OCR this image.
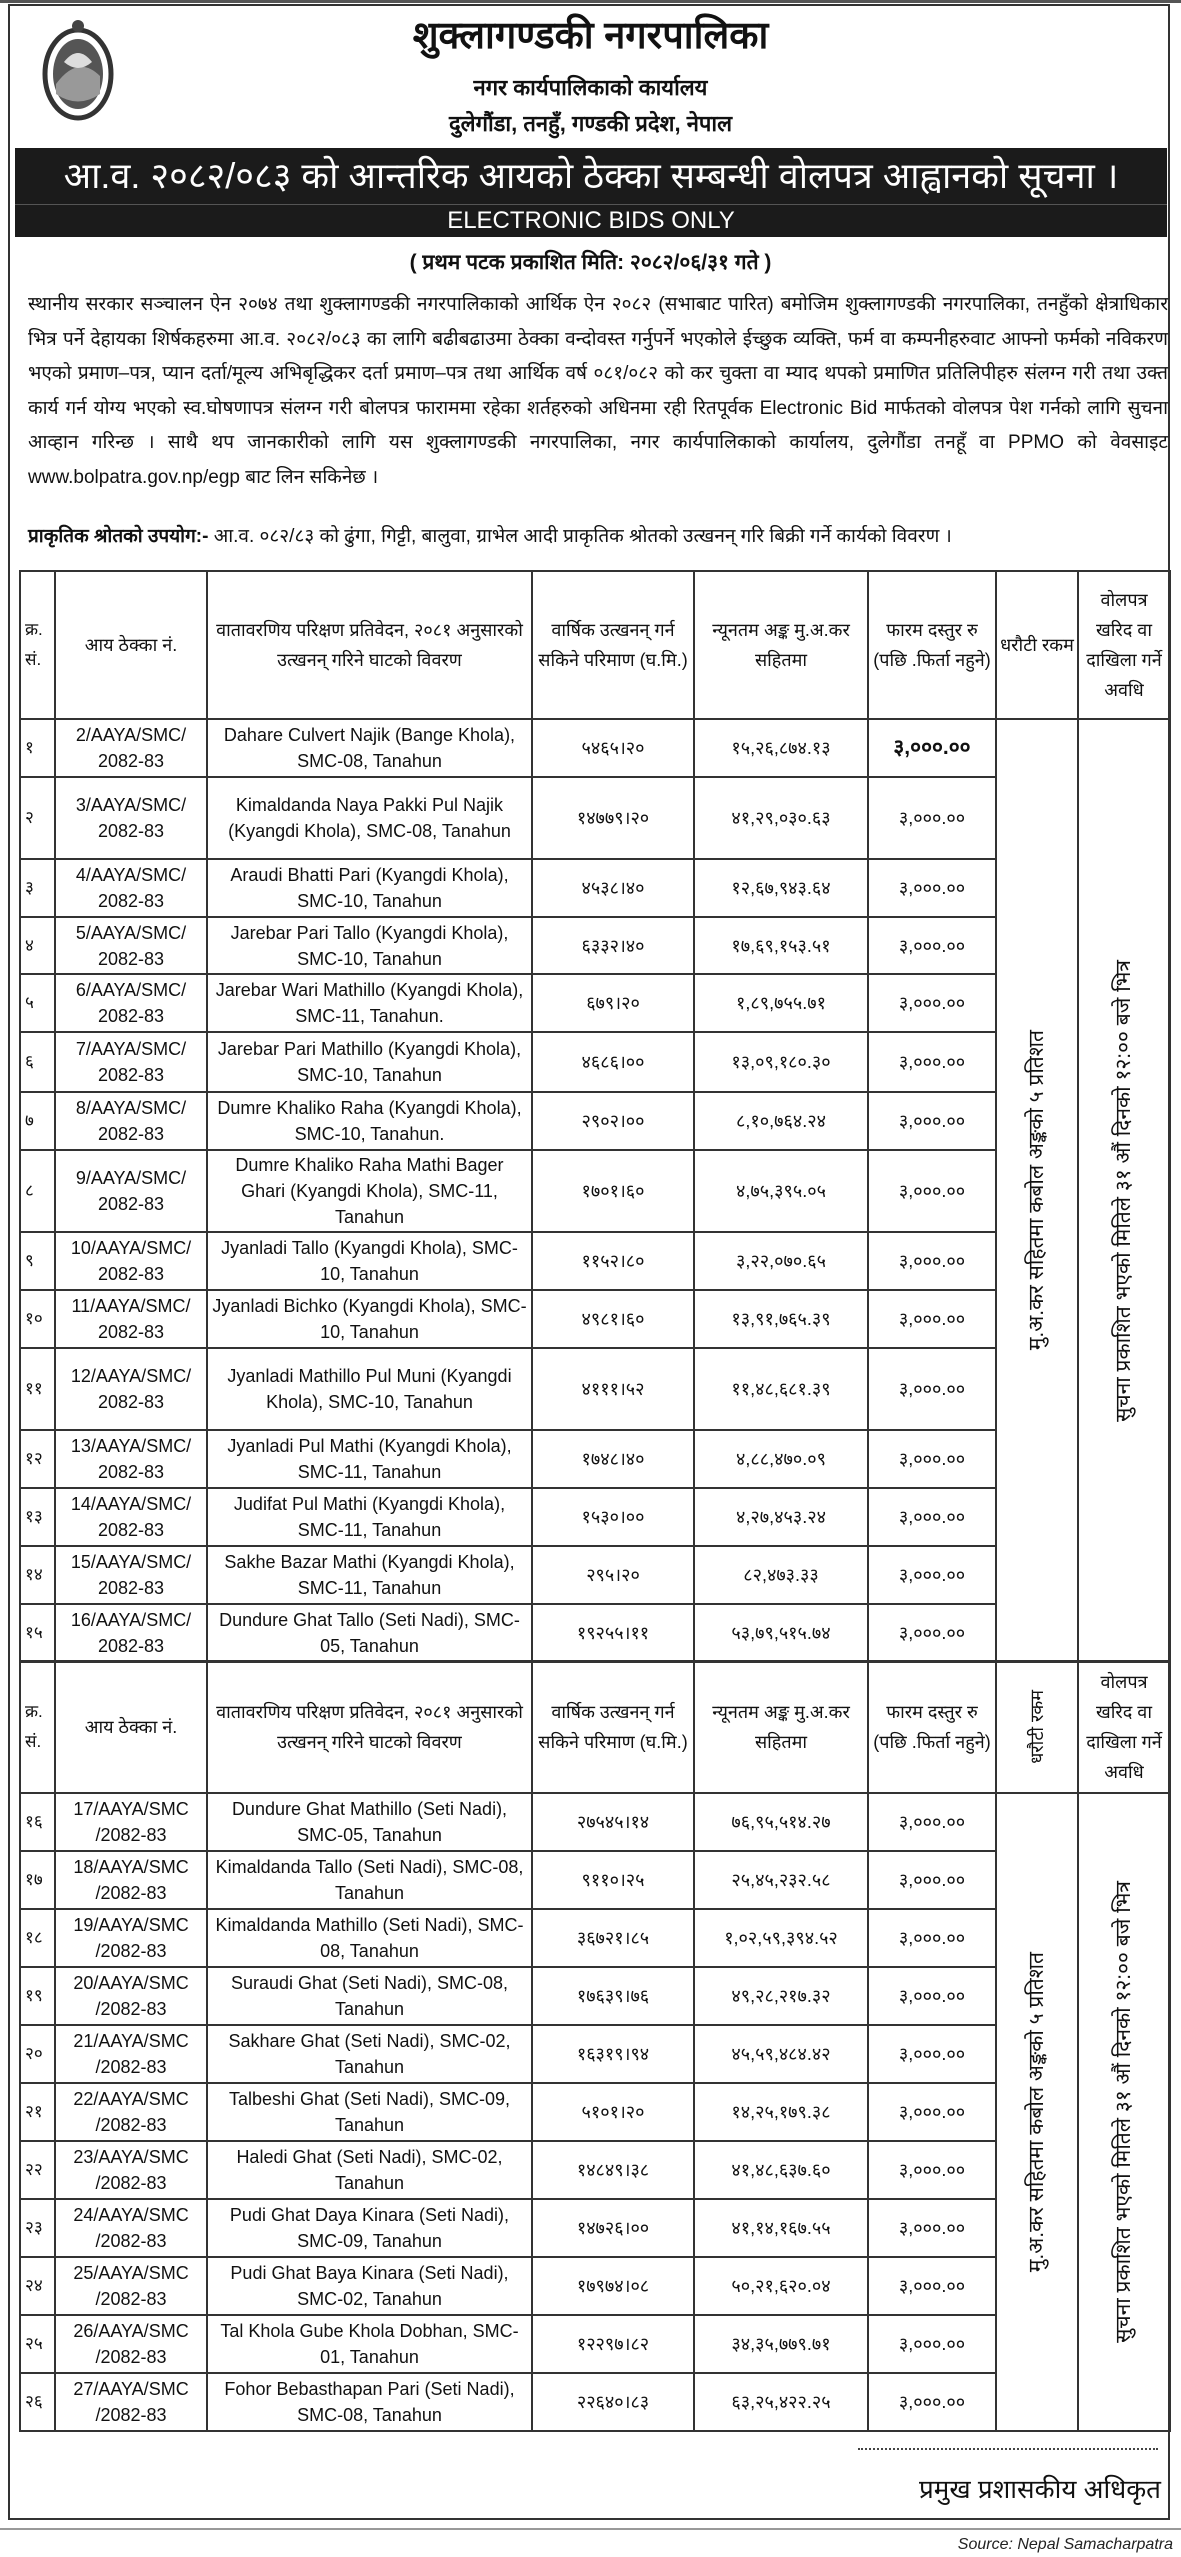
शुक्लागण्डकी नगरपालिका
नगर कार्यपालिकाको कार्यालय
दुलेगौंडा, तनहुँ, गण्डकी प्रदेश, नेपाल
आ.व. २०८२/०८३ को आन्तरिक आयको ठेक्का सम्बन्धी वोलपत्र आह्वानको सूचना ।
ELECTRONIC BIDS ONLY
( प्रथम पटक प्रकाशित मिति: २०८२/०६/३१ गते )
स्थानीय सरकार सञ्चालन ऐन २०७४ तथा शुक्लागण्डकी नगरपालिकाको आर्थिक ऐन २०८२ (सभाबाट पारित) बमोजिम शुक्लागण्डकी नगरपालिका, तनहुँको क्षेत्राधिकार भित्र पर्ने देहायका शिर्षकहरुमा आ.व. २०८२/०८३ का लागि बढीबढाउमा ठेक्का वन्दोवस्त गर्नुपर्ने भएकोले ईच्छुक व्यक्ति, फर्म वा कम्पनीहरुवाट आफ्नो फर्मको नविकरण भएको प्रमाण–पत्र, प्यान दर्ता/मूल्य अभिबृद्धिकर दर्ता प्रमाण–पत्र तथा आर्थिक वर्ष ०८१/०८२ को कर चुक्ता वा म्याद थपको प्रमाणित प्रतिलिपीहरु संलग्न गरी तथा उक्त कार्य गर्न योग्य भएको स्व.घोषणापत्र संलग्न गरी बोलपत्र फाराममा रहेका शर्तहरुको अधिनमा रही रितपूर्वक Electronic Bid मार्फतको वोलपत्र पेश गर्नको लागि सुचना आव्हान गरिन्छ । साथै थप जानकारीको लागि यस शुक्लागण्डकी नगरपालिका, नगर कार्यपालिकाको कार्यालय, दुलेगौंडा तनहूँ वा PPMO को वेवसाइट www.bolpatra.gov.np/egp बाट लिन सकिनेछ ।
प्राकृतिक श्रोतको उपयोग:- आ.व. ०८२/८३ को ढुंगा, गिट्टी, बालुवा, ग्राभेल आदी प्राकृतिक श्रोतको उत्खनन् गरि बिक्री गर्ने कार्यको विवरण ।
क्र. सं.	आय ठेक्का नं.	वातावरणिय परिक्षण प्रतिवेदन, २०८१ अनुसारको उत्खनन् गरिने घाटको विवरण	वार्षिक उत्खनन् गर्न सकिने परिमाण (घ.मि.)	न्यूनतम अङ्क मु.अ.कर सहितमा	फारम दस्तुर रु (पछि .फिर्ता नहुने)	धरौटी रकम	वोलपत्र खरिद वा दाखिला गर्ने अवधि
१	2/AAYA/SMC/ 2082-83	Dahare Culvert Najik (Bange Khola), SMC-08, Tanahun	५४६५।२०	१५,२६,८७४.१३	३,०००.००	मु.अ.कर सहितमा कबोल अङ्कको ५ प्रतिशत	सुचना प्रकाशित भएको मितिले ३१ औं दिनको १२:०० बजे भित्र

२	3/AAYA/SMC/ 2082-83	Kimaldanda Naya Pakki Pul Najik (Kyangdi Khola), SMC-08, Tanahun	१४७७९।२०	४१,२९,०३०.६३	३,०००.००		
३	4/AAYA/SMC/ 2082-83	Araudi Bhatti Pari (Kyangdi Khola), SMC-10, Tanahun	४५३८।४०	१२,६७,९४३.६४	३,०००.००		
४	5/AAYA/SMC/ 2082-83	Jarebar Pari Tallo (Kyangdi Khola), SMC-10, Tanahun	६३३२।४०	१७,६९,१५३.५१	३,०००.००		
५	6/AAYA/SMC/ 2082-83	Jarebar Wari Mathillo (Kyangdi Khola), SMC-11, Tanahun.	६७९।२०	१,८९,७५५.७१	३,०००.००		
६	7/AAYA/SMC/ 2082-83	Jarebar Pari Mathillo (Kyangdi Khola), SMC-10, Tanahun	४६८६।००	१३,०९,१८०.३०	३,०००.००		
७	8/AAYA/SMC/ 2082-83	Dumre Khaliko Raha (Kyangdi Khola), SMC-10, Tanahun.	२९०२।००	८,१०,७६४.२४	३,०००.००		
८	9/AAYA/SMC/ 2082-83	Dumre Khaliko Raha Mathi Bager Ghari (Kyangdi Khola), SMC-11, Tanahun	१७०१।६०	४,७५,३९५.०५	३,०००.००		
९	10/AAYA/SMC/ 2082-83	Jyanladi Tallo (Kyangdi Khola), SMC-10, Tanahun	११५२।८०	३,२२,०७०.६५	३,०००.००		
१०	11/AAYA/SMC/ 2082-83	Jyanladi Bichko (Kyangdi Khola), SMC-10, Tanahun	४९८१।६०	१३,९१,७६५.३९	३,०००.००		
११	12/AAYA/SMC/ 2082-83	Jyanladi Mathillo Pul Muni (Kyangdi Khola), SMC-10, Tanahun	४१११।५२	११,४८,६८१.३९	३,०००.००		
१२	13/AAYA/SMC/ 2082-83	Jyanladi Pul Mathi (Kyangdi Khola), SMC-11, Tanahun	१७४८।४०	४,८८,४७०.०९	३,०००.००		
१३	14/AAYA/SMC/ 2082-83	Judifat Pul Mathi (Kyangdi Khola), SMC-11, Tanahun	१५३०।००	४,२७,४५३.२४	३,०००.००		
१४	15/AAYA/SMC/ 2082-83	Sakhe Bazar Mathi (Kyangdi Khola), SMC-11, Tanahun	२९५।२०	८२,४७३.३३	३,०००.००		
१५	16/AAYA/SMC/ 2082-83	Dundure Ghat Tallo (Seti Nadi), SMC-05, Tanahun	१९२५५।११	५३,७९,५१५.७४	३,०००.००		
क्र. सं.	आय ठेक्का नं.	वातावरणिय परिक्षण प्रतिवेदन, २०८१ अनुसारको उत्खनन् गरिने घाटको विवरण	वार्षिक उत्खनन् गर्न सकिने परिमाण (घ.मि.)	न्यूनतम अङ्क मु.अ.कर सहितमा	फारम दस्तुर रु (पछि .फिर्ता नहुने)	धरौटी रकम	वोलपत्र खरिद वा दाखिला गर्ने अवधि
१६	17/AAYA/SMC /2082-83	Dundure Ghat Mathillo (Seti Nadi), SMC-05, Tanahun	२७५४५।१४	७६,९५,५१४.२७	३,०००.००	मु.अ.कर सहितमा कबोल अङ्कको ५ प्रतिशत	सुचना प्रकाशित भएको मितिले ३१ औं दिनको १२:०० बजे भित्र

१७	18/AAYA/SMC /2082-83	Kimaldanda Tallo (Seti Nadi), SMC-08, Tanahun	९११०।२५	२५,४५,२३२.५८	३,०००.००		
१८	19/AAYA/SMC /2082-83	Kimaldanda Mathillo (Seti Nadi), SMC-08, Tanahun	३६७२१।८५	१,०२,५९,३९४.५२	३,०००.००		
१९	20/AAYA/SMC /2082-83	Suraudi Ghat (Seti Nadi), SMC-08, Tanahun	१७६३९।७६	४९,२८,२१७.३२	३,०००.००		
२०	21/AAYA/SMC /2082-83	Sakhare Ghat (Seti Nadi), SMC-02, Tanahun	१६३१९।९४	४५,५९,४८४.४२	३,०००.००		
२१	22/AAYA/SMC /2082-83	Talbeshi Ghat (Seti Nadi), SMC-09, Tanahun	५१०१।२०	१४,२५,१७९.३८	३,०००.००		
२२	23/AAYA/SMC /2082-83	Haledi Ghat (Seti Nadi), SMC-02, Tanahun	१४८४९।३८	४१,४८,६३७.६०	३,०००.००		
२३	24/AAYA/SMC /2082-83	Pudi Ghat Daya Kinara (Seti Nadi), SMC-09, Tanahun	१४७२६।००	४१,१४,१६७.५५	३,०००.००		
२४	25/AAYA/SMC /2082-83	Pudi Ghat Baya Kinara (Seti Nadi), SMC-02, Tanahun	१७९७४।०८	५०,२१,६२०.०४	३,०००.००		
२५	26/AAYA/SMC /2082-83	Tal Khola Gube Khola Dobhan, SMC-01, Tanahun	१२२९७।८२	३४,३५,७७९.७१	३,०००.००		
२६	27/AAYA/SMC /2082-83	Fohor Bebasthapan Pari (Seti Nadi), SMC-08, Tanahun	२२६४०।८३	६३,२५,४२२.२५	३,०००.००		
प्रमुख प्रशासकीय अधिकृत
Source: Nepal Samacharpatra
